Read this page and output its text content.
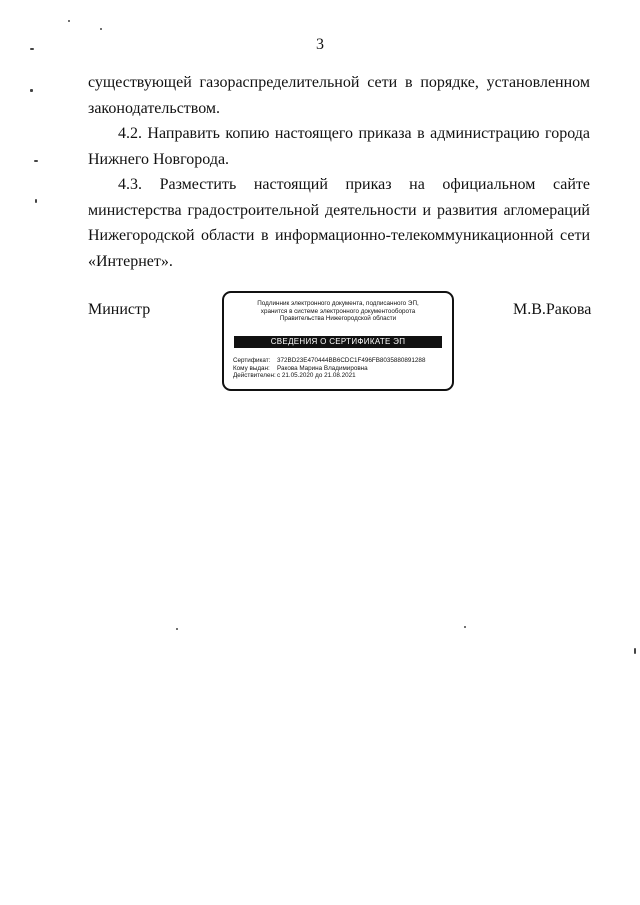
3

существующей газораспределительной сети в порядке, установленном законодательством.

4.2. Направить копию настоящего приказа в администрацию города Нижнего Новгорода.

4.3. Разместить настоящий приказ на официальном сайте министерства градостроительной деятельности и развития агломераций Нижегородской области в информационно-телекоммуникационной сети «Интернет».

Министр	Подлинник электронного документа, подписанного ЭП,
хранится в системе электронного документооборота
Правительства Нижегородской области
СВЕДЕНИЯ О СЕРТИФИКАТЕ ЭП
Сертификат: 372BD23E470444BB6CDC1F496FB8035880891288
Кому выдан: Ракова Марина Владимировна
Действителен:с 21.05.2020 до 21.08.2021
М.В.Ракова
